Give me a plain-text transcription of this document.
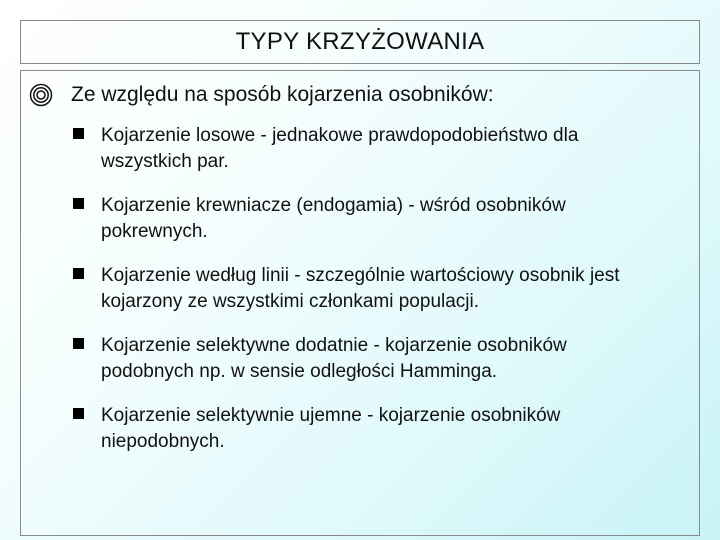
TYPY KRZYŻOWANIA
Ze względu na sposób kojarzenia osobników:
Kojarzenie losowe - jednakowe prawdopodobieństwo dla wszystkich par.
Kojarzenie krewniacze (endogamia) - wśród osobników pokrewnych.
Kojarzenie według linii - szczególnie wartościowy osobnik jest kojarzony ze wszystkimi członkami populacji.
Kojarzenie selektywne dodatnie - kojarzenie osobników podobnych np. w sensie odległości Hamminga.
Kojarzenie selektywnie ujemne - kojarzenie osobników niepodobnych.
